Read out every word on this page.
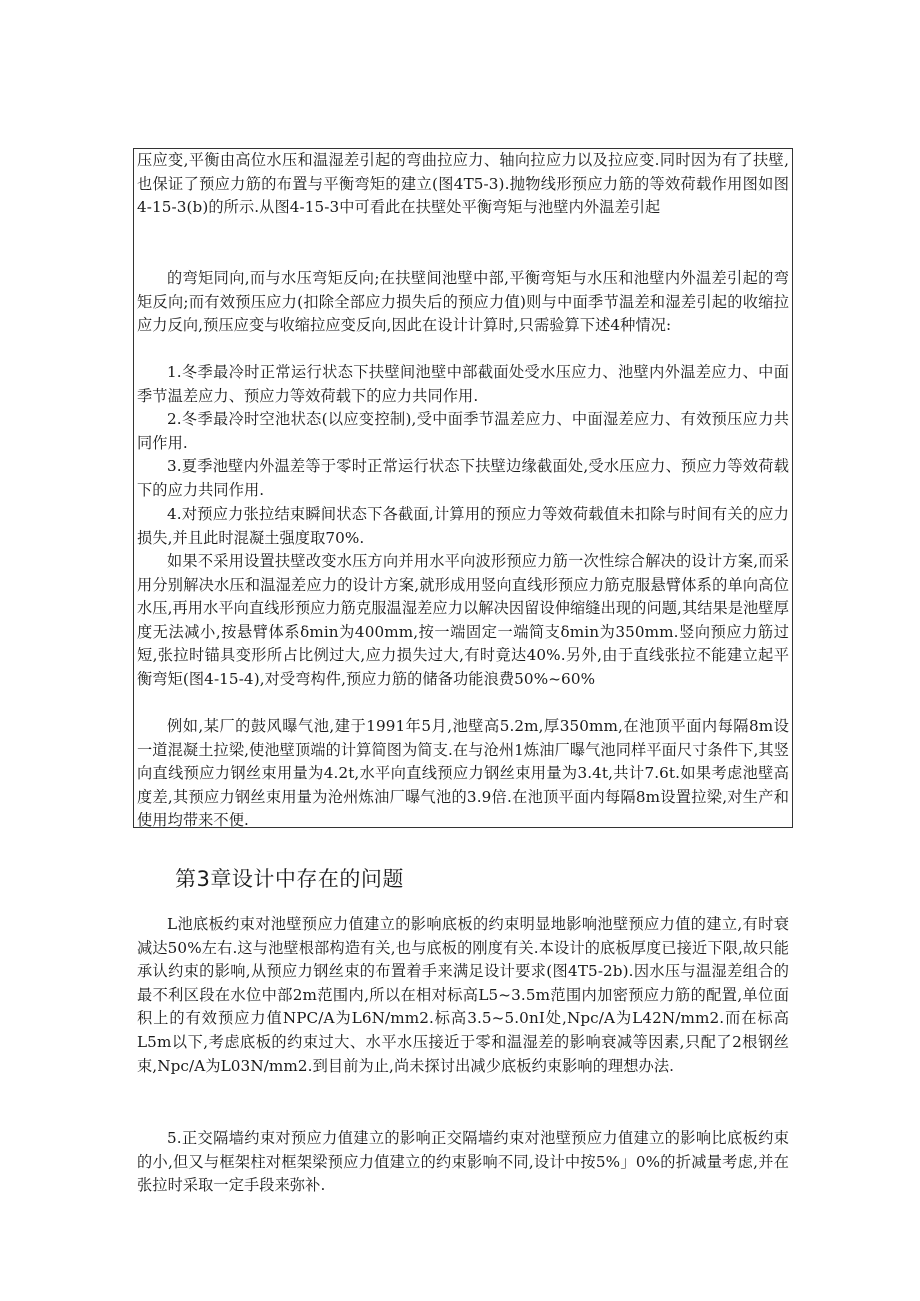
压应变,平衡由高位水压和温湿差引起的弯曲拉应力、轴向拉应力以及拉应变.同时因为有了扶壁,也保证了预应力筋的布置与平衡弯矩的建立(图4T5-3).抛物线形预应力筋的等效荷载作用图如图4-15-3(b)的所示.从图4-15-3中可看此在扶壁处平衡弯矩与池壁内外温差引起

的弯矩同向,而与水压弯矩反向;在扶壁间池壁中部,平衡弯矩与水压和池壁内外温差引起的弯矩反向;而有效预压应力(扣除全部应力损失后的预应力值)则与中面季节温差和湿差引起的收缩拉应力反向,预压应变与收缩拉应变反向,因此在设计计算时,只需验算下述4种情况:

1.冬季最冷时正常运行状态下扶壁间池壁中部截面处受水压应力、池壁内外温差应力、中面季节温差应力、预应力等效荷载下的应力共同作用.

2.冬季最冷时空池状态(以应变控制),受中面季节温差应力、中面湿差应力、有效预压应力共同作用.

3.夏季池壁内外温差等于零时正常运行状态下扶壁边缘截面处,受水压应力、预应力等效荷载下的应力共同作用.

4.对预应力张拉结束瞬间状态下各截面,计算用的预应力等效荷载值未扣除与时间有关的应力损失,并且此时混凝土强度取70%.

如果不采用设置扶壁改变水压方向并用水平向波形预应力筋一次性综合解决的设计方案,而采用分别解决水压和温湿差应力的设计方案,就形成用竖向直线形预应力筋克服悬臂体系的单向高位水压,再用水平向直线形预应力筋克服温湿差应力以解决因留设伸缩缝出现的问题,其结果是池壁厚度无法减小,按悬臂体系δmin为400mm,按一端固定一端简支δmin为350mm.竖向预应力筋过短,张拉时锚具变形所占比例过大,应力损失过大,有时竟达40%.另外,由于直线张拉不能建立起平衡弯矩(图4-15-4),对受弯构件,预应力筋的储备功能浪费50%~60%

例如,某厂的鼓风曝气池,建于1991年5月,池壁高5.2m,厚350mm,在池顶平面内每隔8m设一道混凝土拉梁,使池壁顶端的计算简图为简支.在与沧州1炼油厂曝气池同样平面尺寸条件下,其竖向直线预应力钢丝束用量为4.2t,水平向直线预应力钢丝束用量为3.4t,共计7.6t.如果考虑池壁高度差,其预应力钢丝束用量为沧州炼油厂曝气池的3.9倍.在池顶平面内每隔8m设置拉梁,对生产和使用均带来不便.

第3章设计中存在的问题

L池底板约束对池壁预应力值建立的影响底板的约束明显地影响池壁预应力值的建立,有时衰减达50%左右.这与池壁根部构造有关,也与底板的刚度有关.本设计的底板厚度已接近下限,故只能承认约束的影响,从预应力钢丝束的布置着手来满足设计要求(图4T5-2b).因水压与温湿差组合的最不利区段在水位中部2m范围内,所以在相对标高L5~3.5m范围内加密预应力筋的配置,单位面积上的有效预应力值NPC/A为L6N/mm2.标高3.5~5.0nI处,Npc/A为L42N/mm2.而在标高L5m以下,考虑底板的约束过大、水平水压接近于零和温湿差的影响衰减等因素,只配了2根钢丝束,Npc/A为L03N/mm2.到目前为止,尚未探讨出减少底板约束影响的理想办法.

5.正交隔墙约束对预应力值建立的影响正交隔墙约束对池壁预应力值建立的影响比底板约束的小,但又与框架柱对框架梁预应力值建立的约束影响不同,设计中按5%」0%的折减量考虑,并在张拉时采取一定手段来弥补.
